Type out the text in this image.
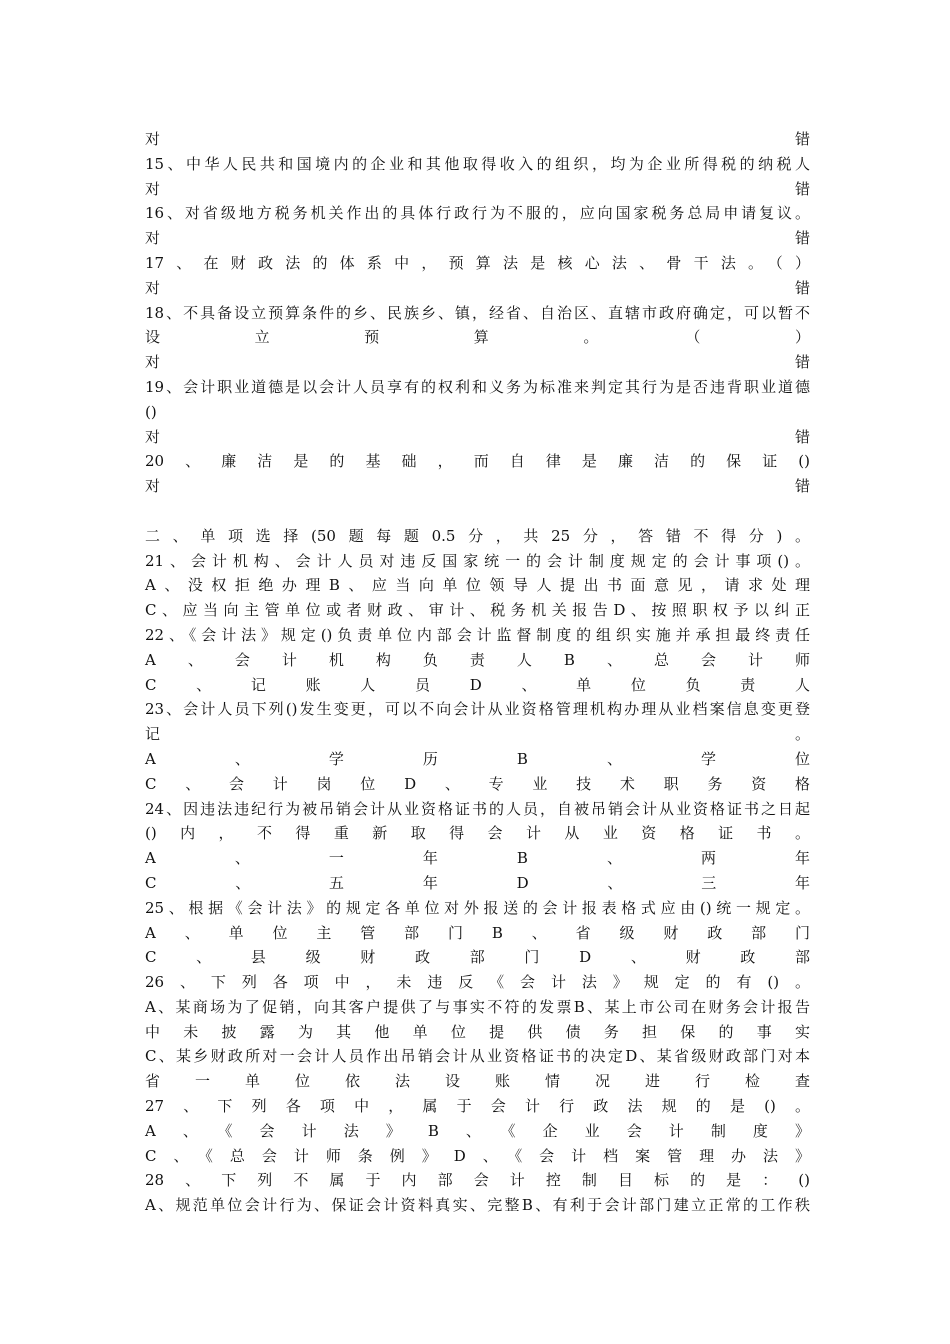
对错
15、中华人民共和国境内的企业和其他取得收入的组织，均为企业所得税的纳税人
对错
16、对省级地方税务机关作出的具体行政行为不服的，应向国家税务总局申请复议。
对错
17、在财政法的体系中，预算法是核心法、骨干法。（）
对错
18、不具备设立预算条件的乡、民族乡、镇，经省、自治区、直辖市政府确定，可以暂不
设立预算。（）
对错
19、会计职业道德是以会计人员享有的权利和义务为标准来判定其行为是否违背职业道德
()
对错
20、廉洁是的基础，而自律是廉洁的保证()
对错
二、单项选择(50题每题0.5分，共25分，答错不得分)。
21、会计机构、会计人员对违反国家统一的会计制度规定的会计事项()。
A、没权拒绝办理B、应当向单位领导人提出书面意见，请求处理
C、应当向主管单位或者财政、审计、税务机关报告D、按照职权予以纠正
22、《会计法》规定()负责单位内部会计监督制度的组织实施并承担最终责任
A、会计机构负责人B、总会计师
C、记账人员D、单位负责人
23、会计人员下列()发生变更，可以不向会计从业资格管理机构办理从业档案信息变更登
记。
A、学历B、学位
C、会计岗位D、专业技术职务资格
24、因违法违纪行为被吊销会计从业资格证书的人员，自被吊销会计从业资格证书之日起
()内，不得重新取得会计从业资格证书。
A、一年B、两年
C、五年D、三年
25、根据《会计法》的规定各单位对外报送的会计报表格式应由()统一规定。
A、单位主管部门B、省级财政部门
C、县级财政部门D、财政部
26、下列各项中，未违反《会计法》规定的有()。
A、某商场为了促销，向其客户提供了与事实不符的发票B、某上市公司在财务会计报告
中未披露为其他单位提供债务担保的事实
C、某乡财政所对一会计人员作出吊销会计从业资格证书的决定D、某省级财政部门对本
省一单位依法设账情况进行检查
27、下列各项中，属于会计行政法规的是()。
A、《会计法》B、《企业会计制度》
C、《总会计师条例》D、《会计档案管理办法》
28、下列不属于内部会计控制目标的是：()
A、规范单位会计行为、保证会计资料真实、完整B、有利于会计部门建立正常的工作秩
